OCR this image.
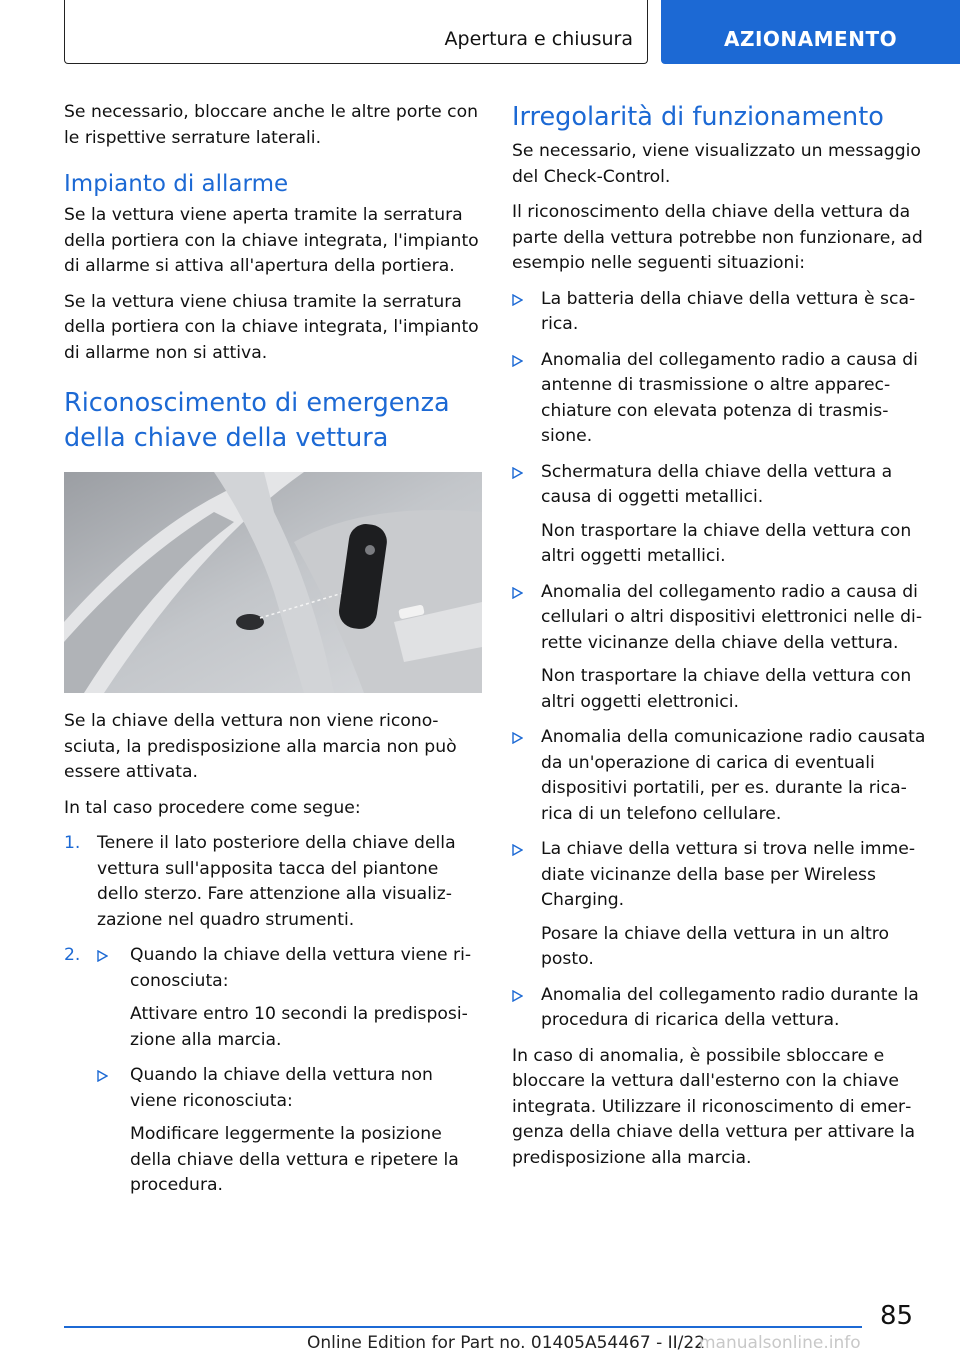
Apertura e chiusura	AZIONAMENTO

Se necessario, bloccare anche le altre porte con le rispettive serrature laterali.

Impianto di allarme

Se la vettura viene aperta tramite la serratura della portiera con la chiave integrata, l'impianto di allarme si attiva all'apertura della portiera.

Se la vettura viene chiusa tramite la serratura della portiera con la chiave integrata, l'impianto di allarme non si attiva.

Riconoscimento di emergenza della chiave della vettura

Se la chiave della vettura non viene riconosciuta, la predisposizione alla marcia non può essere attivata.

In tal caso procedere come segue:

1. Tenere il lato posteriore della chiave della vettura sull'apposita tacca del piantone dello sterzo. Fare attenzione alla visualizzazione nel quadro strumenti.

2.	Quando la chiave della vettura viene riconosciuta:

Attivare entro 10 secondi la predisposizione alla marcia.

Quando la chiave della vettura non viene riconosciuta:

Modificare leggermente la posizione della chiave della vettura e ripetere la procedura.

Irregolarità di funzionamento

Se necessario, viene visualizzato un messaggio del Check-Control.

Il riconoscimento della chiave della vettura da parte della vettura potrebbe non funzionare, ad esempio nelle seguenti situazioni:

La batteria della chiave della vettura è scarica.

Anomalia del collegamento radio a causa di antenne di trasmissione o altre apparecchiature con elevata potenza di trasmissione.

Schermatura della chiave della vettura a causa di oggetti metallici.

Non trasportare la chiave della vettura con altri oggetti metallici.

Anomalia del collegamento radio a causa di cellulari o altri dispositivi elettronici nelle dirette vicinanze della chiave della vettura.

Non trasportare la chiave della vettura con altri oggetti elettronici.

Anomalia della comunicazione radio causata da un'operazione di carica di eventuali dispositivi portatili, per es. durante la ricarica di un telefono cellulare.

La chiave della vettura si trova nelle immediate vicinanze della base per Wireless Charging.

Posare la chiave della vettura in un altro posto.

Anomalia del collegamento radio durante la procedura di ricarica della vettura.

In caso di anomalia, è possibile sbloccare e bloccare la vettura dall'esterno con la chiave integrata. Utilizzare il riconoscimento di emergenza della chiave della vettura per attivare la predisposizione alla marcia.

85
Online Edition for Part no. 01405A54467 - II/22
manualsonline.info
